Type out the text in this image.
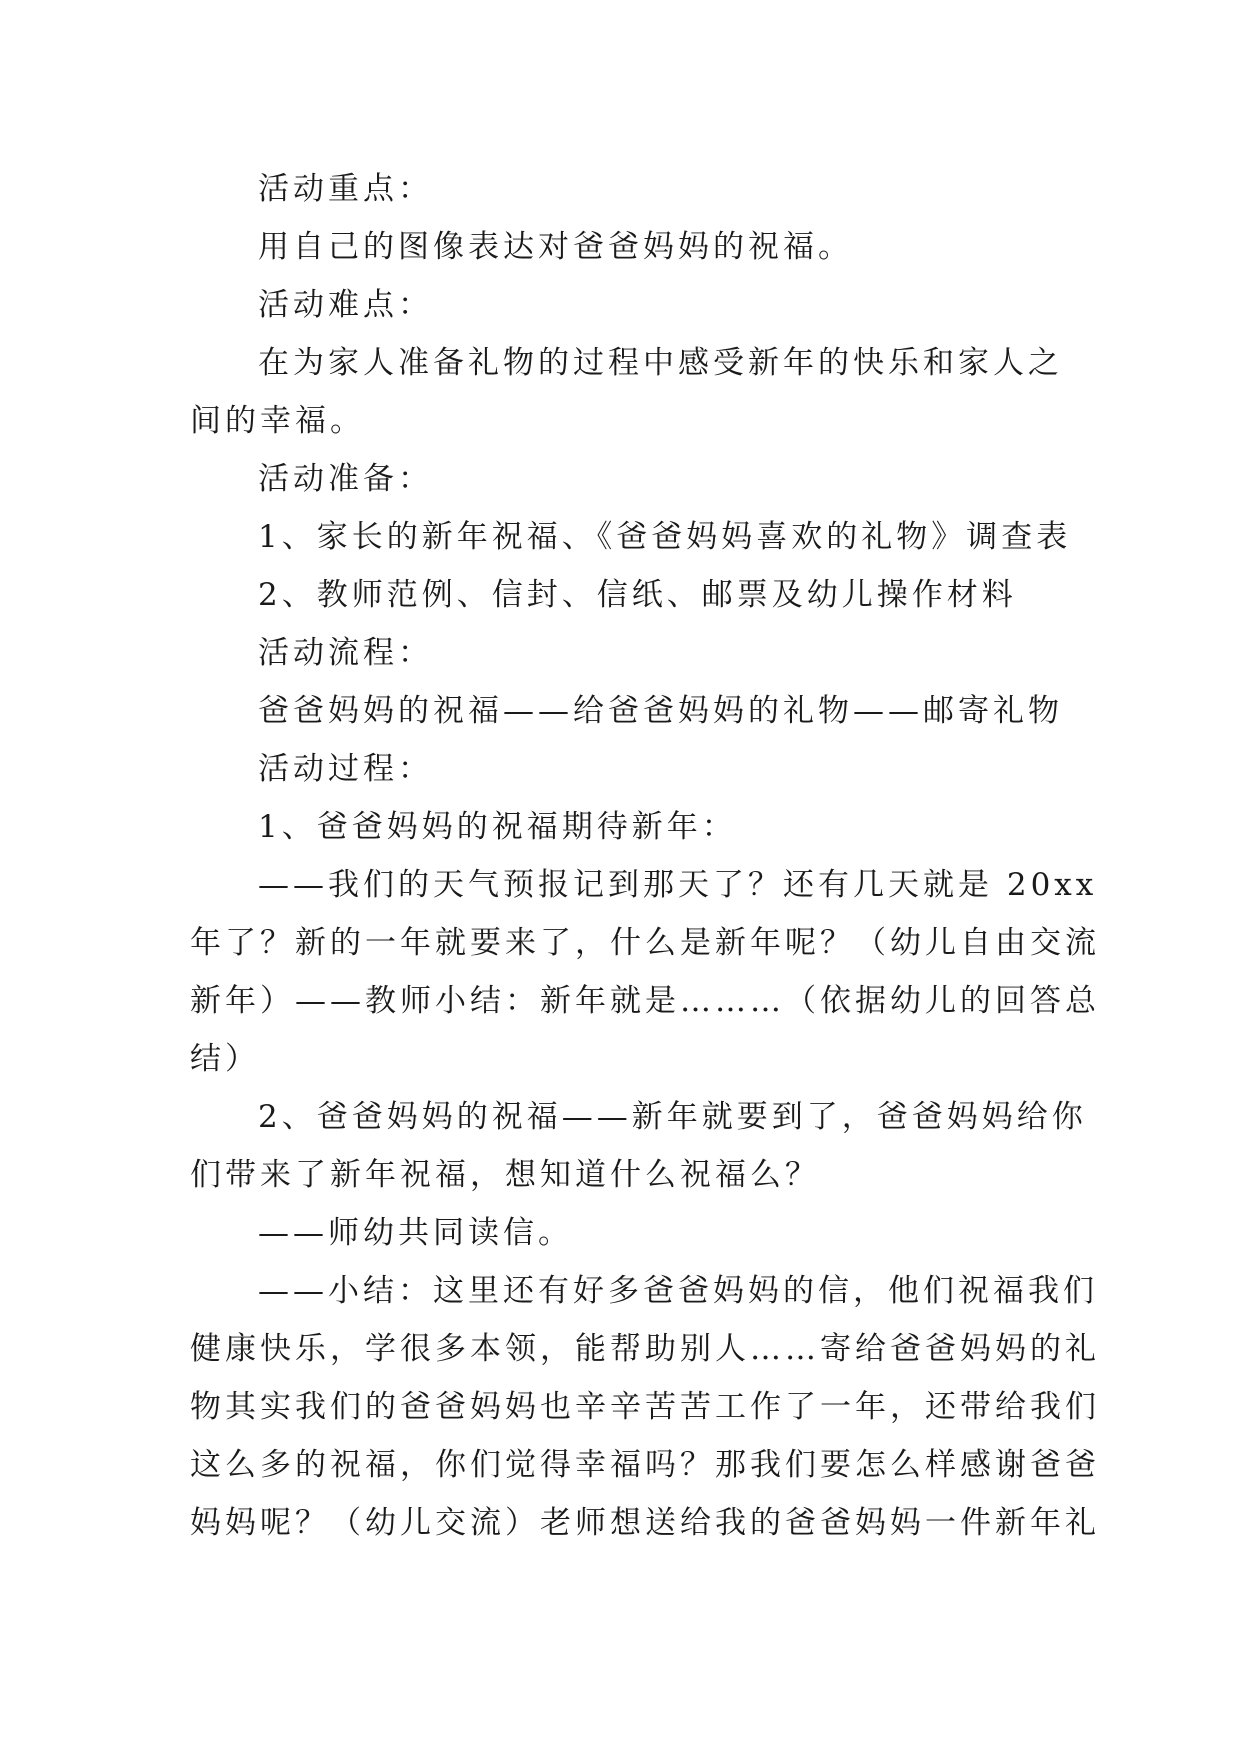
活动重点：
用自己的图像表达对爸爸妈妈的祝福。
活动难点：
在为家人准备礼物的过程中感受新年的快乐和家人之
间的幸福。
活动准备：
1、家长的新年祝福、《爸爸妈妈喜欢的礼物》调查表
2、教师范例、信封、信纸、邮票及幼儿操作材料
活动流程：
爸爸妈妈的祝福——给爸爸妈妈的礼物——邮寄礼物
活动过程：
1、爸爸妈妈的祝福期待新年：
——我们的天气预报记到那天了？还有几天就是 20xx
年了？新的一年就要来了，什么是新年呢？（幼儿自由交流
新年）——教师小结：新年就是………（依据幼儿的回答总
结）
2、爸爸妈妈的祝福——新年就要到了，爸爸妈妈给你
们带来了新年祝福，想知道什么祝福么？
——师幼共同读信。
——小结：这里还有好多爸爸妈妈的信，他们祝福我们
健康快乐，学很多本领，能帮助别人……寄给爸爸妈妈的礼
物其实我们的爸爸妈妈也辛辛苦苦工作了一年，还带给我们
这么多的祝福，你们觉得幸福吗？那我们要怎么样感谢爸爸
妈妈呢？（幼儿交流）老师想送给我的爸爸妈妈一件新年礼
